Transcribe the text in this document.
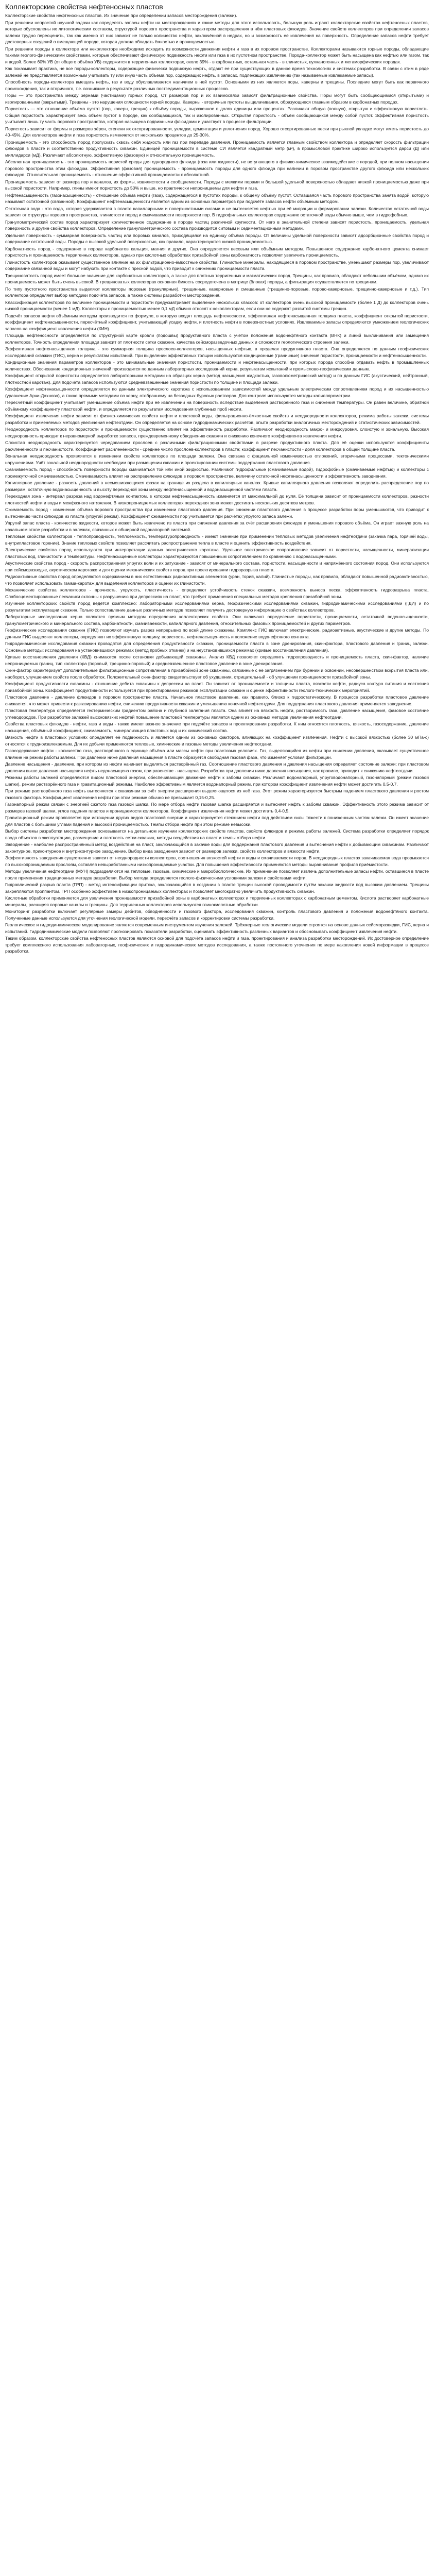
Коллекторские свойства нефтеносных пластов

Коллекторские свойства нефтеносных пластов. Их значение при определении запасов месторождения (залежи).

При решении непростой научной задачи как определять запасы нефти на месторождениях и какие методы для этого использовать, большую роль играют коллекторские свойства нефтеносных пластов, которые обусловлены их литологическим составом, структурой порового пространства и характером распределения в нём пластовых флюидов. Значение свойств коллекторов при определении запасов залежи трудно переоценить, так как именно от них зависит не только количество нефти, заключённой в недрах, но и возможность её извлечения на поверхность. Определение запасов нефти требует достоверных сведений о вмещающей породе, которая должна обладать ёмкостью и проницаемостью.

При решении породы в коллекторе или неколлекторе необходимо исходить из возможности движения нефти и газа в их поровом пространстве. Коллекторами называются горные породы, обладающие такими геолого-физическими свойствами, которые обеспечивают физическую подвижность нефти или газа в их пустотном пространстве. Порода-коллектор может быть насыщена как нефтью или газом, так и водой. Более 60% УВ (от общего объёма УВ) содержится в терригенных коллекторах, около 39% - в карбонатных, остальная часть - в глинистых, вулканогенных и метаморфических породах.

Как показывает практика, не все породы-коллекторы, содержащие физически подвижную нефть, отдают ее при существующих в данное время технологиях и системах разработки. В связи с этим в ряде залежей не представляется возможным учитывать ту или иную часть объема пор, содержащих нефть, в запасах, подлежащих извлечению (так называемые извлекаемые запасы).

Способность породы-коллектора вмещать нефть, газ и воду обуславливается наличием в ней пустот. Основными из них являются поры, каверны и трещины. Последние могут быть как первичного происхождения, так и вторичного, т.е. возникшие в результате различных постседиментационных процессов.

Поры — это пространства между зёрнами (частицами) горных пород. От размеров пор и их взаимосвязи зависят фильтрационные свойства. Поры могут быть сообщающимися (открытыми) и изолированными (закрытыми). Трещины - это нарушения сплошности горной породы. Каверны - вторичные пустоты выщелачивания, образующиеся главным образом в карбонатных породах.

Пористость — это отношение объёма пустот (пор, каверн, трещин) к объёму породы, выраженное в долях единицы или процентах. Различают общую (полную), открытую и эффективную пористость. Общая пористость характеризует весь объём пустот в породе, как сообщающихся, так и изолированных. Открытая пористость - объём сообщающихся между собой пустот. Эффективная пористость учитывает лишь ту часть порового пространства, которая насыщена подвижными флюидами и участвует в процессе фильтрации.

Пористость зависит от формы и размеров зёрен, степени их отсортированности, укладки, цементации и уплотнения пород. Хорошо отсортированные пески при рыхлой укладке могут иметь пористость до 40-45%. Для коллекторов нефти и газа пористость изменяется от нескольких процентов до 25-30%.

Проницаемость - это способность пород пропускать сквозь себя жидкость или газ при перепаде давления. Проницаемость является главным свойством коллектора и определяет скорость фильтрации флюидов в пласте и соответственно продуктивность скважин. Единицей проницаемости в системе СИ является квадратный метр (м²), в промысловой практике широко используется дарси (Д) или миллидарси (мД). Различают абсолютную, эффективную (фазовую) и относительную проницаемость.

Абсолютная проницаемость - это проницаемость пористой среды для однородного флюида (газа или жидкости), не вступающего в физико-химическое взаимодействие с породой, при полном насыщении порового пространства этим флюидом. Эффективная (фазовая) проницаемость - проницаемость породы для одного флюида при наличии в поровом пространстве другого флюида или нескольких флюидов. Относительная проницаемость - отношение эффективной проницаемости к абсолютной.

Проницаемость зависит от размера пор и каналов, их формы, извилистости и сообщаемости. Породы с мелкими порами и большой удельной поверхностью обладают низкой проницаемостью даже при высокой пористости. Например, глины имеют пористость до 50% и выше, но практически непроницаемы для нефти и газа.

Нефтенасыщенность (газонасыщенность) - отношение объёма нефти (газа), содержащегося в пустотах породы, к общему объёму пустот. Оставшаяся часть порового пространства занята водой, которую называют остаточной (связанной). Коэффициент нефтенасыщенности является одним из основных параметров при подсчёте запасов нефти объёмным методом.

Остаточная вода - это вода, которая удерживается в пласте капиллярными и поверхностными силами и не вытесняется нефтью при её миграции и формировании залежи. Количество остаточной воды зависит от структуры порового пространства, глинистости пород и смачиваемости поверхности пор. В гидрофильных коллекторах содержание остаточной воды обычно выше, чем в гидрофобных.

Гранулометрический состав пород характеризует количественное содержание в породе частиц различной крупности. От него в значительной степени зависят пористость, проницаемость, удельная поверхность и другие свойства коллекторов. Определение гранулометрического состава производится ситовым и седиментационным методами.

Удельная поверхность - суммарная поверхность частиц или поровых каналов, приходящаяся на единицу объёма породы. От величины удельной поверхности зависят адсорбционные свойства пород и содержание остаточной воды. Породы с высокой удельной поверхностью, как правило, характеризуются низкой проницаемостью.

Карбонатность пород - содержание в породе карбонатов кальция, магния и других. Она определяется весовым или объёмным методом. Повышенное содержание карбонатного цемента снижает пористость и проницаемость терригенных коллекторов, однако при кислотных обработках призабойной зоны карбонатность позволяет увеличить проницаемость.

Глинистость коллекторов оказывает существенное влияние на их фильтрационно-ёмкостные свойства. Глинистые минералы, находящиеся в поровом пространстве, уменьшают размеры пор, увеличивают содержание связанной воды и могут набухать при контакте с пресной водой, что приводит к снижению проницаемости пласта.

Трещиноватость пород имеет большое значение для карбонатных коллекторов, а также для плотных терригенных и магматических пород. Трещины, как правило, обладают небольшим объёмом, однако их проницаемость может быть очень высокой. В трещиноватых коллекторах основная ёмкость сосредоточена в матрице (блоках) породы, а фильтрация осуществляется по трещинам.

По типу пустотного пространства выделяют коллекторы поровые (гранулярные), трещинные, каверновые и смешанные (трещинно-поровые, порово-каверновые, трещинно-каверновые и т.д.). Тип коллектора определяет выбор методики подсчёта запасов, а также системы разработки месторождения.

Классификация коллекторов по величине проницаемости и пористости предусматривает выделение нескольких классов: от коллекторов очень высокой проницаемости (более 1 Д) до коллекторов очень низкой проницаемости (менее 1 мД). Коллекторы с проницаемостью менее 0,1 мД обычно относят к неколлекторам, если они не содержат развитой системы трещин.

Подсчёт запасов нефти объёмным методом производится по формуле, в которую входят площадь нефтеносности, эффективная нефтенасыщенная толщина пласта, коэффициент открытой пористости, коэффициент нефтенасыщенности, пересчётный коэффициент, учитывающий усадку нефти, и плотность нефти в поверхностных условиях. Извлекаемые запасы определяются умножением геологических запасов на коэффициент извлечения нефти (КИН).

Площадь нефтеносности определяется по структурной карте кровли (подошвы) продуктивного пласта с учётом положения водонефтяного контакта (ВНК) и линий выклинивания или замещения коллекторов. Точность определения площади зависит от плотности сетки скважин, качества сейсморазведочных данных и сложности геологического строения залежи.

Эффективная нефтенасыщенная толщина - это суммарная толщина прослоев-коллекторов, насыщенных нефтью, в пределах продуктивного пласта. Она определяется по данным геофизических исследований скважин (ГИС), керна и результатам испытаний. При выделении эффективных толщин используются кондиционные (граничные) значения пористости, проницаемости и нефтенасыщенности.

Кондиционные значения параметров коллекторов - это минимальные значения пористости, проницаемости и нефтенасыщенности, при которых порода способна отдавать нефть в промышленных количествах. Обоснование кондиционных значений производится по данным лабораторных исследований керна, результатам испытаний и промыслово-геофизическим данным.

Коэффициент открытой пористости определяется лабораторными методами на образцах керна (метод насыщения жидкостью, газоволюметрический метод) и по данным ГИС (акустический, нейтронный, плотностной каротаж). Для подсчёта запасов используются средневзвешенные значения пористости по толщине и площади залежи.

Коэффициент нефтенасыщенности определяется по данным электрического каротажа с использованием зависимостей между удельным электрическим сопротивлением пород и их насыщенностью (уравнение Арчи-Дахнова), а также прямыми методами по керну, отобранному на безводных буровых растворах. Для контроля используются методы капиллярометрии.

Пересчётный коэффициент учитывает уменьшение объёма нефти при её извлечении на поверхность вследствие выделения растворённого газа и снижения температуры. Он равен величине, обратной объёмному коэффициенту пластовой нефти, и определяется по результатам исследования глубинных проб нефти.

Коэффициент извлечения нефти зависит от физико-химических свойств нефти и пластовой воды, фильтрационно-ёмкостных свойств и неоднородности коллекторов, режима работы залежи, системы разработки и применяемых методов увеличения нефтеотдачи. Он определяется на основе гидродинамических расчётов, опыта разработки аналогичных месторождений и статистических зависимостей.

Неоднородность коллекторов по пористости и проницаемости существенно влияет на эффективность разработки. Различают неоднородность макро- и микроуровня, слоистую и зональную. Высокая неоднородность приводит к неравномерной выработке запасов, преждевременному обводнению скважин и снижению конечного коэффициента извлечения нефти.

Слоистая неоднородность характеризуется чередованием прослоев с различными фильтрационными свойствами в разрезе продуктивного пласта. Для её оценки используются коэффициенты расчленённости и песчанистости. Коэффициент расчленённости - среднее число прослоев-коллекторов в пласте; коэффициент песчанистости - доля коллекторов в общей толщине пласта.

Зональная неоднородность проявляется в изменении свойств коллекторов по площади залежи. Она связана с фациальной изменчивостью отложений, вторичными процессами, тектоническими нарушениями. Учёт зональной неоднородности необходим при размещении скважин и проектировании системы поддержания пластового давления.

Смачиваемость пород - способность поверхности породы смачиваться той или иной жидкостью. Различают гидрофильные (смачиваемые водой), гидрофобные (смачиваемые нефтью) и коллекторы с промежуточной смачиваемостью. Смачиваемость влияет на распределение флюидов в поровом пространстве, величину остаточной нефтенасыщенности и эффективность заводнения.

Капиллярное давление - разность давлений в несмешивающихся фазах на границе их раздела в капиллярных каналах. Кривые капиллярного давления позволяют определить распределение пор по размерам, остаточную водонасыщенность и высоту переходной зоны между нефтенасыщенной и водонасыщенной частями пласта.

Переходная зона - интервал разреза над водонефтяным контактом, в котором нефтенасыщенность изменяется от максимальной до нуля. Её толщина зависит от проницаемости коллекторов, разности плотностей нефти и воды и межфазного натяжения. В низкопроницаемых коллекторах переходная зона может достигать нескольких десятков метров.

Сжимаемость пород - изменение объёма порового пространства при изменении пластового давления. При снижении пластового давления в процессе разработки поры уменьшаются, что приводит к вытеснению части флюидов из пласта (упругий режим). Коэффициент сжимаемости пор учитывается при расчётах упругого запаса залежи.

Упругий запас пласта - количество жидкости, которое может быть извлечено из пласта при снижении давления за счёт расширения флюидов и уменьшения порового объёма. Он играет важную роль на начальном этапе разработки и в залежах, связанных с обширной водонапорной системой.

Тепловые свойства коллекторов - теплопроводность, теплоёмкость, температуропроводность - имеют значение при применении тепловых методов увеличения нефтеотдачи (закачка пара, горячей воды, внутрипластовое горение). Знание тепловых свойств позволяет рассчитать распространение тепла в пласте и оценить эффективность воздействия.

Электрические свойства пород используются при интерпретации данных электрического каротажа. Удельное электрическое сопротивление зависит от пористости, насыщенности, минерализации пластовых вод, глинистости и температуры. Нефтенасыщенные коллекторы характеризуются повышенным сопротивлением по сравнению с водонасыщенными.

Акустические свойства пород - скорость распространения упругих волн и их затухание - зависят от минерального состава, пористости, насыщенности и напряжённого состояния пород. Они используются при сейсморазведке, акустическом каротаже и для оценки механических свойств пород при проектировании гидроразрыва пласта.

Радиоактивные свойства пород определяются содержанием в них естественных радиоактивных элементов (уран, торий, калий). Глинистые породы, как правило, обладают повышенной радиоактивностью, что позволяет использовать гамма-каротаж для выделения коллекторов и оценки их глинистости.

Механические свойства коллекторов - прочность, упругость, пластичность - определяют устойчивость стенок скважин, возможность выноса песка, эффективность гидроразрыва пласта. Слабосцементированные песчаники склонны к разрушению при депрессиях на пласт, что требует применения специальных методов крепления призабойной зоны.

Изучение коллекторских свойств пород ведётся комплексно: лабораторными исследованиями керна, геофизическими исследованиями скважин, гидродинамическими исследованиями (ГДИ) и по результатам эксплуатации скважин. Только сопоставление данных различных методов позволяет получить достоверную информацию о свойствах коллекторов.

Лабораторные исследования керна являются прямым методом определения коллекторских свойств. Они включают определение пористости, проницаемости, остаточной водонасыщенности, гранулометрического и минерального состава, карбонатности, смачиваемости, капиллярного давления, относительных фазовых проницаемостей и других параметров.

Геофизические исследования скважин (ГИС) позволяют изучать разрез непрерывно по всей длине скважины. Комплекс ГИС включает электрические, радиоактивные, акустические и другие методы. По данным ГИС выделяют коллекторы, определяют их эффективную толщину, пористость, нефтенасыщенность и положение водонефтяного контакта.

Гидродинамические исследования скважин проводятся для определения продуктивности скважин, проницаемости пласта в зоне дренирования, скин-фактора, пластового давления и границ залежи. Основные методы: исследования на установившихся режимах (метод пробных откачек) и на неустановившихся режимах (кривые восстановления давления).

Кривые восстановления давления (КВД) снимаются после остановки добывающей скважины. Анализ КВД позволяет определить гидропроводность и проницаемость пласта, скин-фактор, наличие непроницаемых границ, тип коллектора (поровый, трещинно-поровый) и средневзвешенное пластовое давление в зоне дренирования.

Скин-фактор характеризует дополнительные фильтрационные сопротивления в призабойной зоне скважины, связанные с её загрязнением при бурении и освоении, несовершенством вскрытия пласта или, наоборот, улучшением свойств после обработок. Положительный скин-фактор свидетельствует об ухудшении, отрицательный - об улучшении проницаемости призабойной зоны.

Коэффициент продуктивности скважины - отношение дебита скважины к депрессии на пласт. Он зависит от проницаемости и толщины пласта, вязкости нефти, радиуса контура питания и состояния призабойной зоны. Коэффициент продуктивности используется при проектировании режимов эксплуатации скважин и оценке эффективности геолого-технических мероприятий.

Пластовое давление - давление флюидов в поровом пространстве пласта. Начальное пластовое давление, как правило, близко к гидростатическому. В процессе разработки пластовое давление снижается, что может привести к разгазированию нефти, снижению продуктивности скважин и уменьшению конечной нефтеотдачи. Для поддержания пластового давления применяется заводнение.

Пластовая температура определяется геотермическим градиентом района и глубиной залегания пласта. Она влияет на вязкость нефти, растворимость газа, давление насыщения, фазовое состояние углеводородов. При разработке залежей высоковязких нефтей повышение пластовой температуры является одним из основных методов увеличения нефтеотдачи.

Свойства пластовых флюидов - нефти, газа и воды - также имеют важное значение при подсчёте запасов и проектировании разработки. К ним относятся плотность, вязкость, газосодержание, давление насыщения, объёмный коэффициент, сжимаемость, минерализация пластовых вод и их химический состав.

Вязкость нефти в пластовых условиях определяет её подвижность и является одним из основных факторов, влияющих на коэффициент извлечения. Нефти с высокой вязкостью (более 30 мПа·с) относятся к трудноизвлекаемым. Для их добычи применяются тепловые, химические и газовые методы увеличения нефтеотдачи.

Газосодержание нефти - количество газа, растворённого в единице объёма или массы нефти при пластовых условиях. Газ, выделяющийся из нефти при снижении давления, оказывает существенное влияние на режим работы залежи. При давлении ниже давления насыщения в пласте образуется свободная газовая фаза, что изменяет условия фильтрации.

Давление насыщения - давление, при котором из нефти начинает выделяться растворённый газ. Соотношение пластового давления и давления насыщения определяет состояние залежи: при пластовом давлении выше давления насыщения нефть недонасыщена газом, при равенстве - насыщена. Разработка при давлении ниже давления насыщения, как правило, приводит к снижению нефтеотдачи.

Режимы работы залежей определяются видом пластовой энергии, обеспечивающей движение нефти к забоям скважин. Различают водонапорный, упруговодонапорный, газонапорный (режим газовой шапки), режим растворённого газа и гравитационный режимы. Наиболее эффективным является водонапорный режим, при котором коэффициент извлечения нефти может достигать 0,5-0,7.

При режиме растворённого газа нефть вытесняется к скважинам за счёт энергии расширения выделяющегося из неё газа. Этот режим характеризуется быстрым падением пластового давления и ростом газового фактора. Коэффициент извлечения нефти при этом режиме обычно не превышает 0,15-0,25.

Газонапорный режим связан с энергией сжатого газа газовой шапки. По мере отбора нефти газовая шапка расширяется и вытесняет нефть к забоям скважин. Эффективность этого режима зависит от размеров газовой шапки, углов падения пластов и проницаемости коллекторов. Коэффициент извлечения нефти может достигать 0,4-0,5.

Гравитационный режим проявляется при истощении других видов пластовой энергии и характеризуется стеканием нефти под действием силы тяжести к пониженным частям залежи. Он имеет значение для пластов с большими углами падения и высокой проницаемостью. Темпы отбора нефти при этом режиме невысоки.

Выбор системы разработки месторождения основывается на детальном изучении коллекторских свойств пластов, свойств флюидов и режима работы залежей. Система разработки определяет порядок ввода объектов в эксплуатацию, размещение и плотность сетки скважин, методы воздействия на пласт и темпы отбора нефти.

Заводнение - наиболее распространённый метод воздействия на пласт, заключающийся в закачке воды для поддержания пластового давления и вытеснения нефти к добывающим скважинам. Различают законтурное, приконтурное и внутриконтурное заводнение. Выбор вида заводнения зависит от размеров залежи, свойств коллекторов и вязкости нефти.

Эффективность заводнения существенно зависит от неоднородности коллекторов, соотношения вязкостей нефти и воды и смачиваемости пород. В неоднородных пластах закачиваемая вода прорывается по высокопроницаемым прослоям, оставляя невыработанными низкопроницаемые участки. Для повышения эффективности применяются методы выравнивания профиля приёмистости.

Методы увеличения нефтеотдачи (МУН) подразделяются на тепловые, газовые, химические и микробиологические. Их применение позволяет извлечь дополнительные запасы нефти, оставшиеся в пласте после применения традиционных методов разработки. Выбор метода определяется геолого-физическими условиями залежи и свойствами нефти.

Гидравлический разрыв пласта (ГРП) - метод интенсификации притока, заключающийся в создании в пласте трещин высокой проводимости путём закачки жидкости под высоким давлением. Трещины закрепляются проппантом. ГРП особенно эффективен в низкопроницаемых коллекторах и позволяет многократно увеличить продуктивность скважин.

Кислотные обработки применяются для увеличения проницаемости призабойной зоны в карбонатных коллекторах и терригенных коллекторах с карбонатным цементом. Кислота растворяет карбонатные минералы, расширяя поровые каналы и трещины. Для терригенных коллекторов используются глинокислотные обработки.

Мониторинг разработки включает регулярные замеры дебитов, обводнённости и газового фактора, исследования скважин, контроль пластового давления и положения водонефтяного контакта. Полученные данные используются для уточнения геологической модели, пересчёта запасов и корректировки системы разработки.

Геологическое и гидродинамическое моделирование является современным инструментом изучения залежей. Трёхмерные геологические модели строятся на основе данных сейсморазведки, ГИС, керна и испытаний. Гидродинамические модели позволяют прогнозировать показатели разработки, оценивать эффективность различных вариантов и обосновывать коэффициент извлечения нефти.

Таким образом, коллекторские свойства нефтеносных пластов являются основой для подсчёта запасов нефти и газа, проектирования и анализа разработки месторождений. Их достоверное определение требует комплексного использования лабораторных, геофизических и гидродинамических методов исследования, а также постоянного уточнения по мере накопления новой информации в процессе разработки.
